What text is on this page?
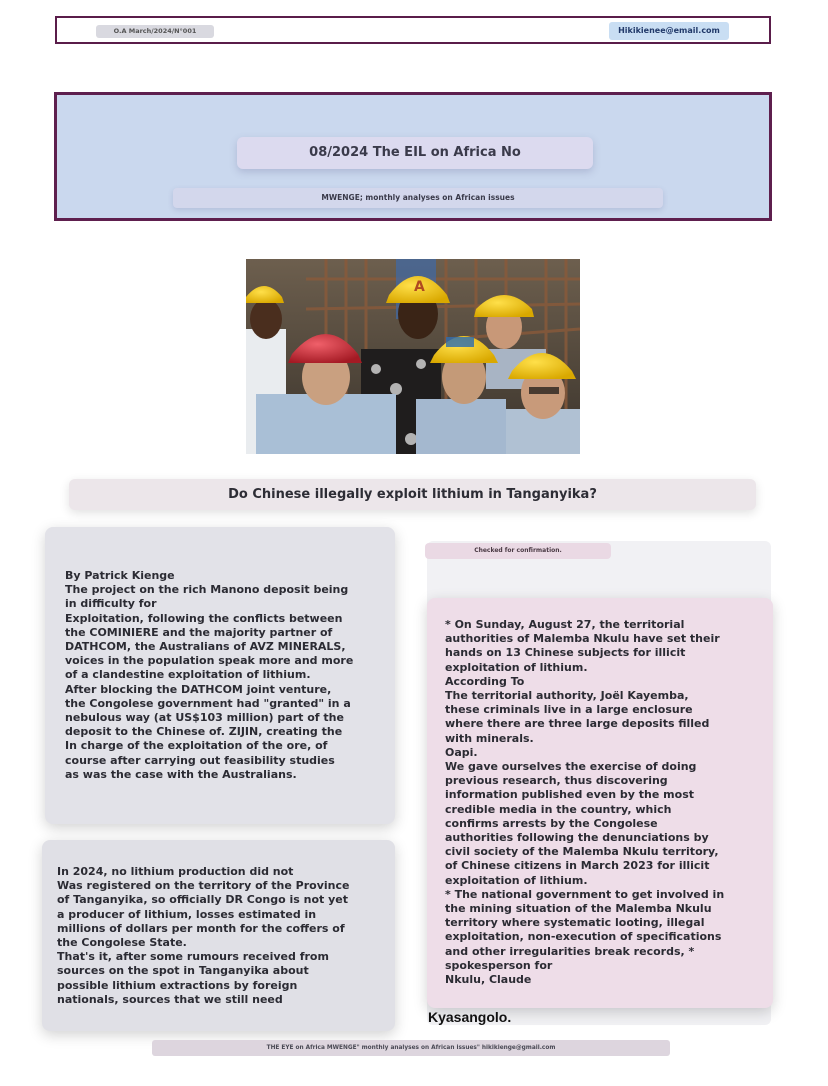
O.A March/2024/N°001	Hikikienee@email.com
08/2024 The EIL on Africa No
MWENGE; monthly analyses on African issues
A
Do Chinese illegally exploit lithium in Tanganyika?

By Patrick Kienge
The project on the rich Manono deposit being
in difficulty for
Exploitation, following the conflicts between
the COMINIERE and the majority partner of
DATHCOM, the Australians of AVZ MINERALS,
voices in the population speak more and more
of a clandestine exploitation of lithium.
After blocking the DATHCOM joint venture,
the Congolese government had "granted" in a
nebulous way (at US$103 million) part of the
deposit to the Chinese of. ZIJIN, creating the
In charge of the exploitation of the ore, of
course after carrying out feasibility studies
as was the case with the Australians.

In 2024, no lithium production did not
Was registered on the territory of the Province
of Tanganyika, so officially DR Congo is not yet
a producer of lithium, losses estimated in
millions of dollars per month for the coffers of
the Congolese State.
That's it, after some rumours received from
sources on the spot in Tanganyika about
possible lithium extractions by foreign
nationals, sources that we still need

Checked for confirmation.

* On Sunday, August 27, the territorial
authorities of Malemba Nkulu have set their
hands on 13 Chinese subjects for illicit
exploitation of lithium.
According To
The territorial authority, Joël Kayemba,
these criminals live in a large enclosure
where there are three large deposits filled
with minerals.
Oapi.
We gave ourselves the exercise of doing
previous research, thus discovering
information published even by the most
credible media in the country, which
confirms arrests by the Congolese
authorities following the denunciations by
civil society of the Malemba Nkulu territory,
of Chinese citizens in March 2023 for illicit
exploitation of lithium.
* The national government to get involved in
the mining situation of the Malemba Nkulu
territory where systematic looting, illegal
exploitation, non-execution of specifications
and other irregularities break records, *
spokesperson for
Nkulu, Claude

Kyasangolo.
THE EYE on Africa MWENGE" monthly analyses on African issues" hikikienge@gmail.com
